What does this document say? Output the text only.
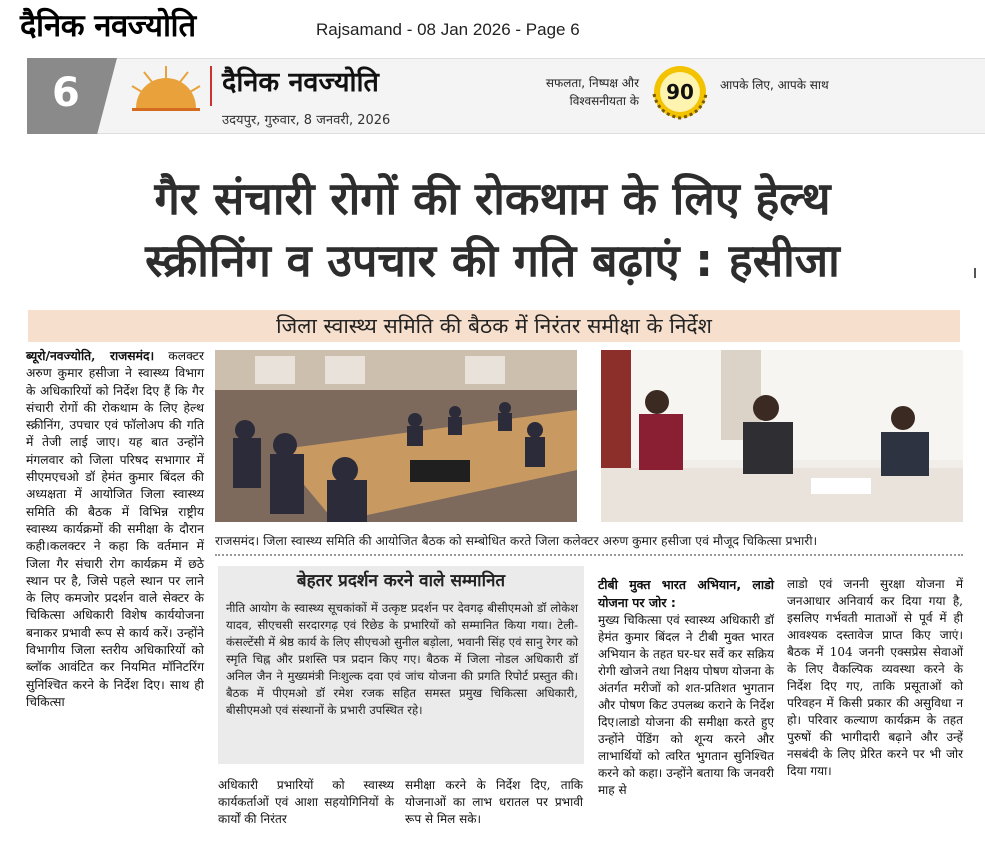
दैनिक नवज्योति	Rajsamand - 08 Jan 2026 - Page 6
6	दैनिक नवज्योति
उदयपुर, गुरुवार, 8 जनवरी, 2026
सफलता, निष्पक्ष और विश्वसनीयता के 90 आपके लिए, आपके साथ
गैर संचारी रोगों की रोकथाम के लिए हेल्थ
स्क्रीनिंग व उपचार की गति बढ़ाएं : हसीजा
जिला स्वास्थ्य समिति की बैठक में निरंतर समीक्षा के निर्देश
ब्यूरो/नवज्योति, राजसमंद। कलक्टर अरुण कुमार हसीजा ने स्वास्थ्य विभाग के अधिकारियों को निर्देश दिए हैं कि गैर संचारी रोगों की रोकथाम के लिए हेल्थ स्क्रीनिंग, उपचार एवं फॉलोअप की गति में तेजी लाई जाए। यह बात उन्होंने मंगलवार को जिला परिषद सभागार में सीएमएचओ डॉ हेमंत कुमार बिंदल की अध्यक्षता में आयोजित जिला स्वास्थ्य समिति की बैठक में विभिन्न राष्ट्रीय स्वास्थ्य कार्यक्रमों की समीक्षा के दौरान कही।कलक्टर ने कहा कि वर्तमान में जिला गैर संचारी रोग कार्यक्रम में छठे स्थान पर है, जिसे पहले स्थान पर लाने के लिए कमजोर प्रदर्शन वाले सेक्टर के चिकित्सा अधिकारी विशेष कार्ययोजना बनाकर प्रभावी रूप से कार्य करें। उन्होंने विभागीय जिला स्तरीय अधिकारियों को ब्लॉक आवंटित कर नियमित मॉनिटरिंग सुनिश्चित करने के निर्देश दिए। साथ ही चिकित्सा
राजसमंद। जिला स्वास्थ्य समिति की आयोजित बैठक को सम्बोधित करते जिला कलेक्टर अरुण कुमार हसीजा एवं मौजूद चिकित्सा प्रभारी।
बेहतर प्रदर्शन करने वाले सम्मानित
नीति आयोग के स्वास्थ्य सूचकांकों में उत्कृष्ट प्रदर्शन पर देवगढ़ बीसीएमओ डॉ लोकेश यादव, सीएचसी सरदारगढ़ एवं रिछेड के प्रभारियों को सम्मानित किया गया। टेली-कंसल्टेंसी में श्रेष्ठ कार्य के लिए सीएचओ सुनील बड़ोला, भवानी सिंह एवं सानु रेगर को स्मृति चिह्न और प्रशस्ति पत्र प्रदान किए गए। बैठक में जिला नोडल अधिकारी डॉ अनिल जैन ने मुख्यमंत्री निःशुल्क दवा एवं जांच योजना की प्रगति रिपोर्ट प्रस्तुत की। बैठक में पीएमओ डॉ रमेश रजक सहित समस्त प्रमुख चिकित्सा अधिकारी, बीसीएमओ एवं संस्थानों के प्रभारी उपस्थित रहे।
अधिकारी प्रभारियों को स्वास्थ्य कार्यकर्ताओं एवं आशा सहयोगिनियों के कार्यों की निरंतर
समीक्षा करने के निर्देश दिए, ताकि योजनाओं का लाभ धरातल पर प्रभावी रूप से मिल सके।
टीबी मुक्त भारत अभियान, लाडो योजना पर जोर :
मुख्य चिकित्सा एवं स्वास्थ्य अधिकारी डॉ हेमंत कुमार बिंदल ने टीबी मुक्त भारत अभियान के तहत घर-घर सर्वे कर सक्रिय रोगी खोजने तथा निक्षय पोषण योजना के अंतर्गत मरीजों को शत-प्रतिशत भुगतान और पोषण किट उपलब्ध कराने के निर्देश दिए।लाडो योजना की समीक्षा करते हुए उन्होंने पेंडिंग को शून्य करने और लाभार्थियों को त्वरित भुगतान सुनिश्चित करने को कहा। उन्होंने बताया कि जनवरी माह से
लाडो एवं जननी सुरक्षा योजना में जनआधार अनिवार्य कर दिया गया है, इसलिए गर्भवती माताओं से पूर्व में ही आवश्यक दस्तावेज प्राप्त किए जाएं। बैठक में 104 जननी एक्सप्रेस सेवाओं के लिए वैकल्पिक व्यवस्था करने के निर्देश दिए गए, ताकि प्रसूताओं को परिवहन में किसी प्रकार की असुविधा न हो। परिवार कल्याण कार्यक्रम के तहत पुरुषों की भागीदारी बढ़ाने और उन्हें नसबंदी के लिए प्रेरित करने पर भी जोर दिया गया।
